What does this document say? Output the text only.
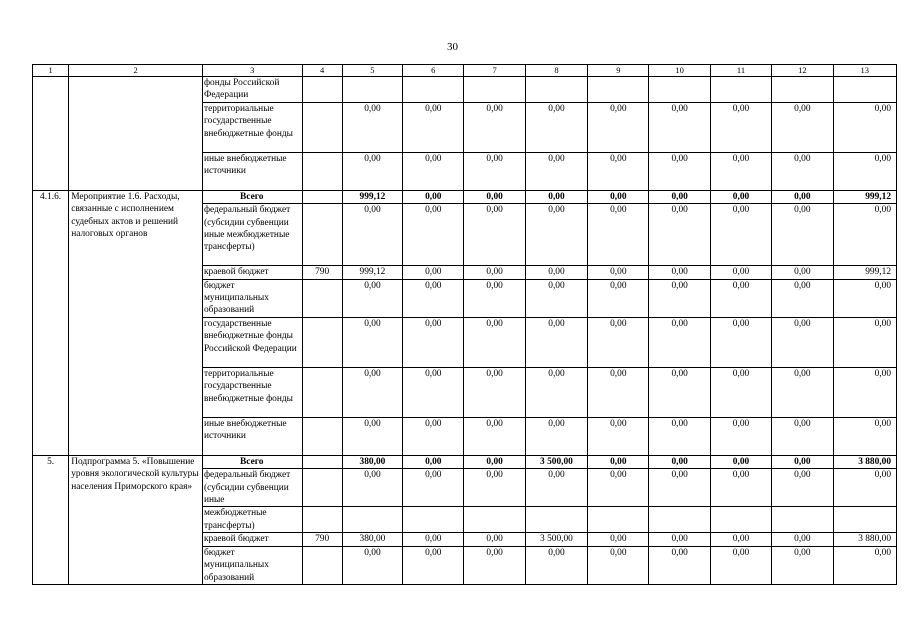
30
1	2	3	4	5	6	7	8	9	10	11	12	13
		фонды Российской Федерации										
		территориальные государственные внебюджетные фонды		0,00	0,00	0,00	0,00	0,00	0,00	0,00	0,00	0,00
		иные внебюджетные источники		0,00	0,00	0,00	0,00	0,00	0,00	0,00	0,00	0,00
4.1.6.	Мероприятие 1.6. Расходы, связанные с исполнением судебных актов и решений налоговых органов	Всего		999,12	0,00	0,00	0,00	0,00	0,00	0,00	0,00	999,12
		федеральный бюджет (субсидии субвенции иные межбюджетные трансферты)		0,00	0,00	0,00	0,00	0,00	0,00	0,00	0,00	0,00
		краевой бюджет	790	999,12	0,00	0,00	0,00	0,00	0,00	0,00	0,00	999,12
		бюджет муниципальных образований		0,00	0,00	0,00	0,00	0,00	0,00	0,00	0,00	0,00
		государственные внебюджетные фонды Российской Федерации		0,00	0,00	0,00	0,00	0,00	0,00	0,00	0,00	0,00
		территориальные государственные внебюджетные фонды		0,00	0,00	0,00	0,00	0,00	0,00	0,00	0,00	0,00
		иные внебюджетные источники		0,00	0,00	0,00	0,00	0,00	0,00	0,00	0,00	0,00
5.	Подпрограмма 5. «Повышение уровня экологической культуры населения Приморского края»	Всего		380,00	0,00	0,00	3 500,00	0,00	0,00	0,00	0,00	3 880,00
		федеральный бюджет (субсидии субвенции иные		0,00	0,00	0,00	0,00	0,00	0,00	0,00	0,00	0,00
		межбюджетные трансферты)										
		краевой бюджет	790	380,00	0,00	0,00	3 500,00	0,00	0,00	0,00	0,00	3 880,00
		бюджет муниципальных образований		0,00	0,00	0,00	0,00	0,00	0,00	0,00	0,00	0,00
